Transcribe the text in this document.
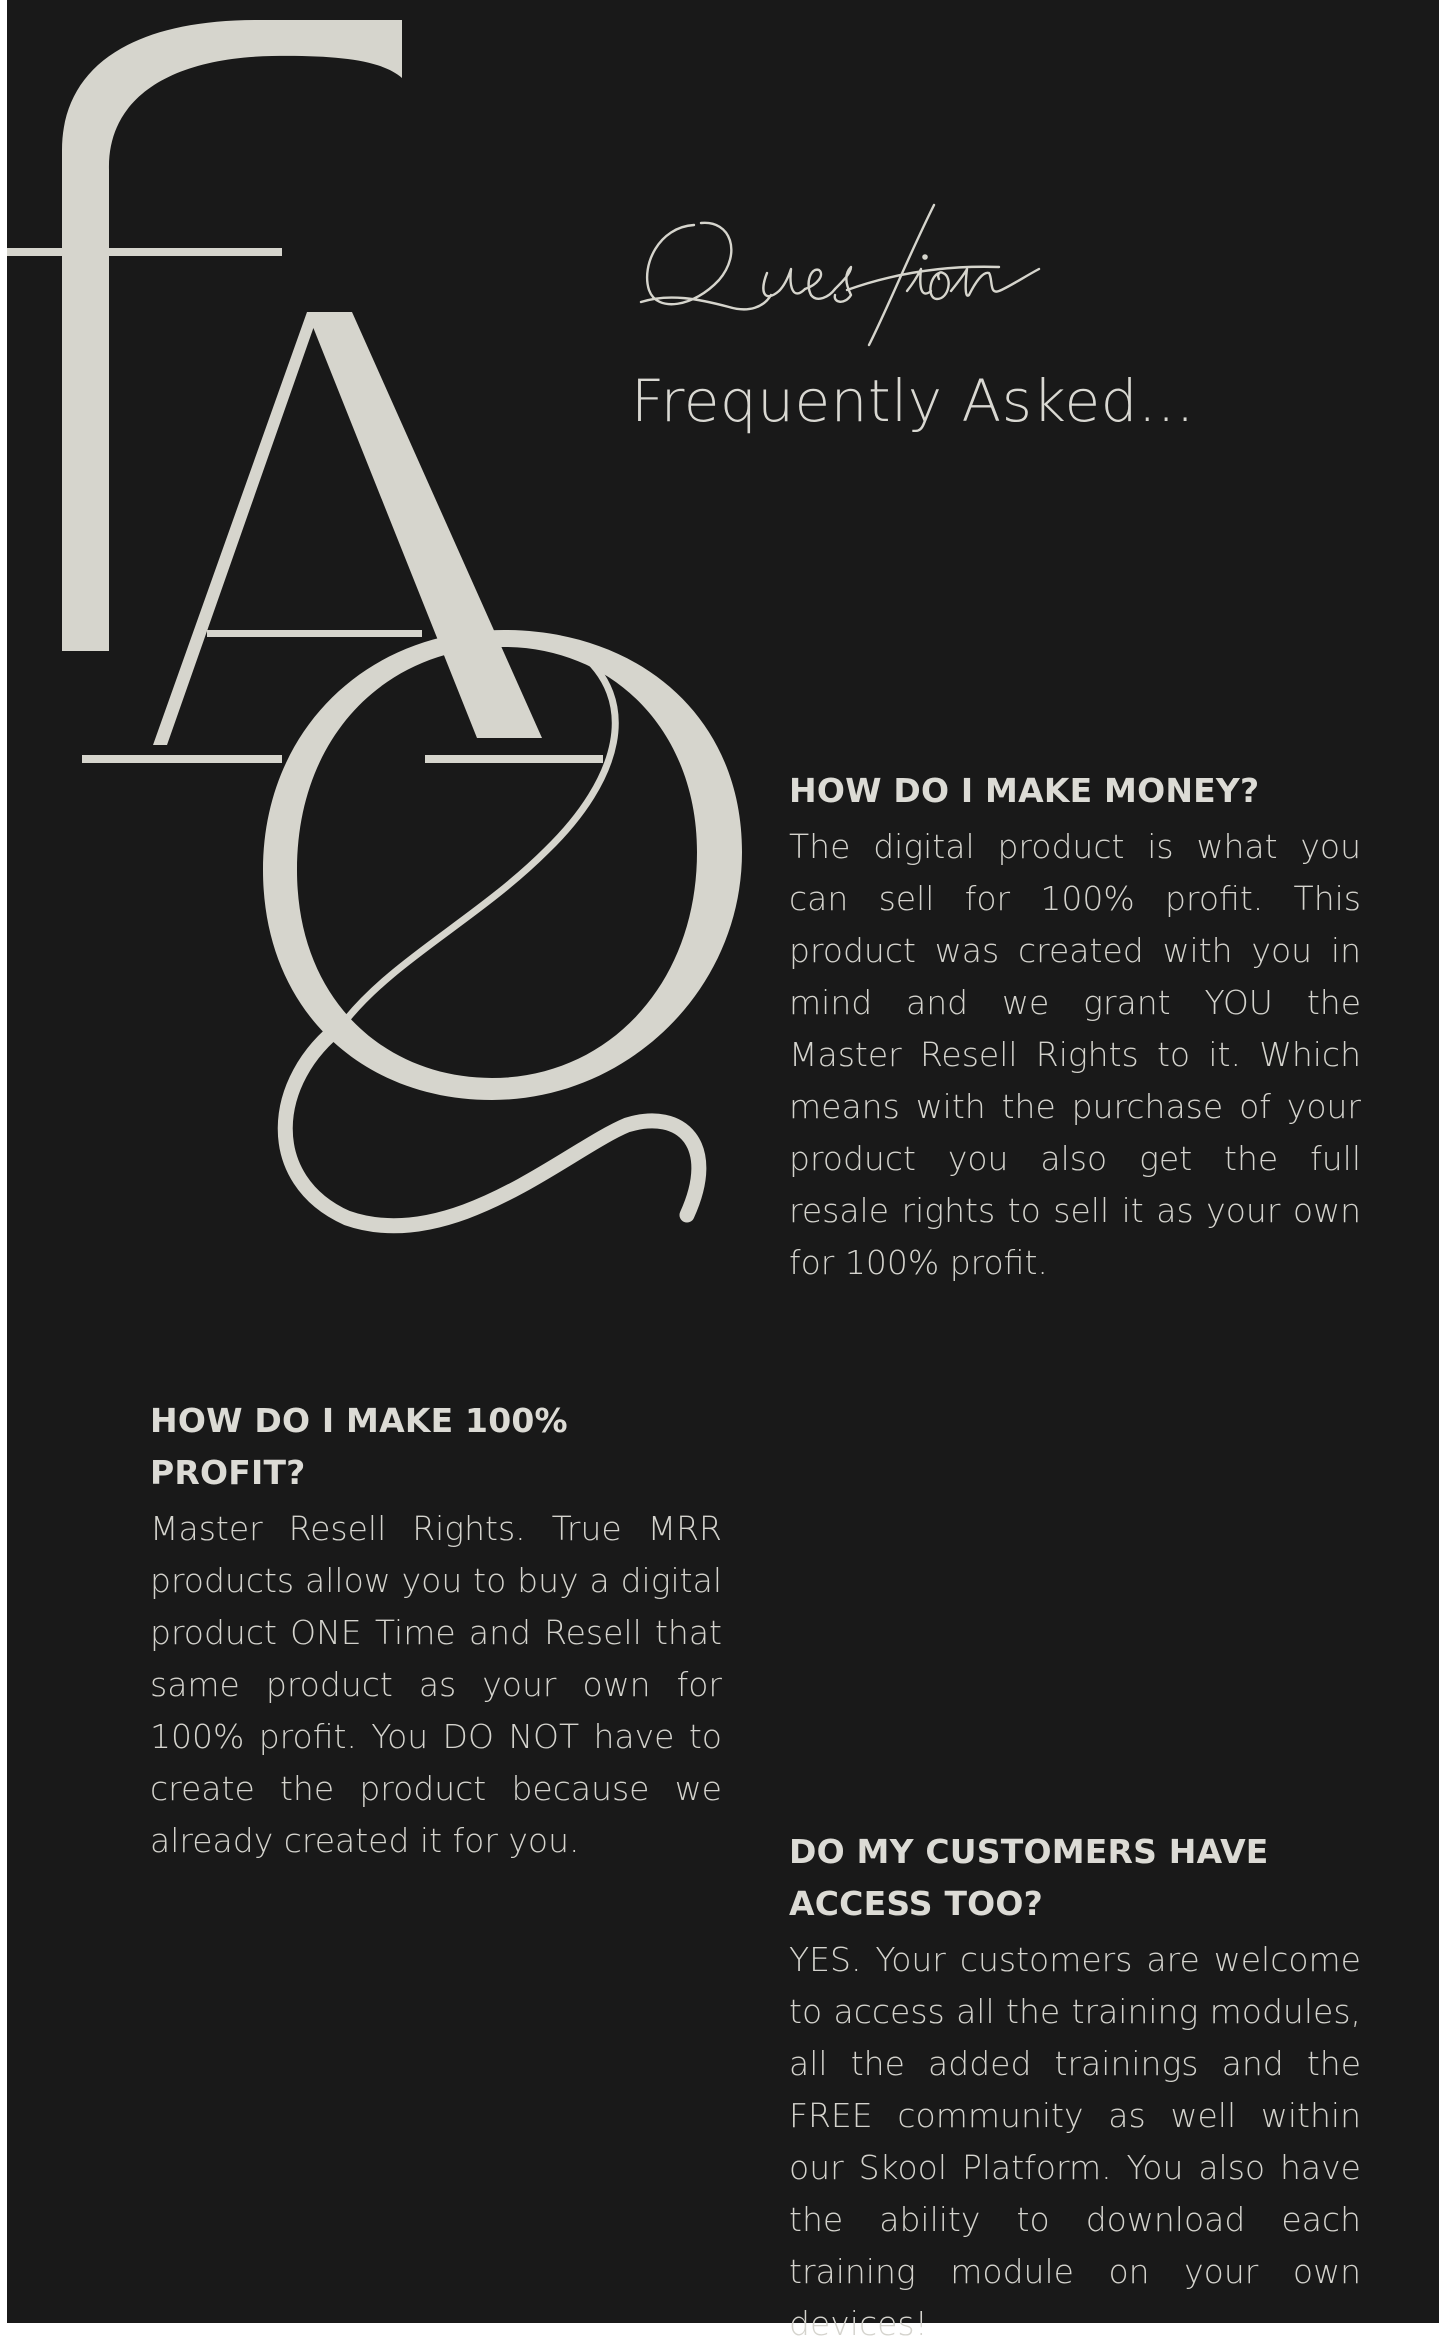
Frequently Asked...
HOW DO I MAKE MONEY?

The digital product is what you can sell for 100% profit. This product was created with you in mind and we grant YOU the Master Resell Rights to it. Which means with the purchase of your product you also get the full resale rights to sell it as your own for 100% profit.

HOW DO I MAKE 100% PROFIT?

Master Resell Rights. True MRR products allow you to buy a digital product ONE Time and Resell that same product as your own for 100% profit. You DO NOT have to create the product because we already created it for you.	DO MY CUSTOMERS HAVE ACCESS TOO?

YES. Your customers are welcome to access all the training modules, all the added trainings and the FREE community as well within our Skool Platform. You also have the ability to download each training module on your own devices!
